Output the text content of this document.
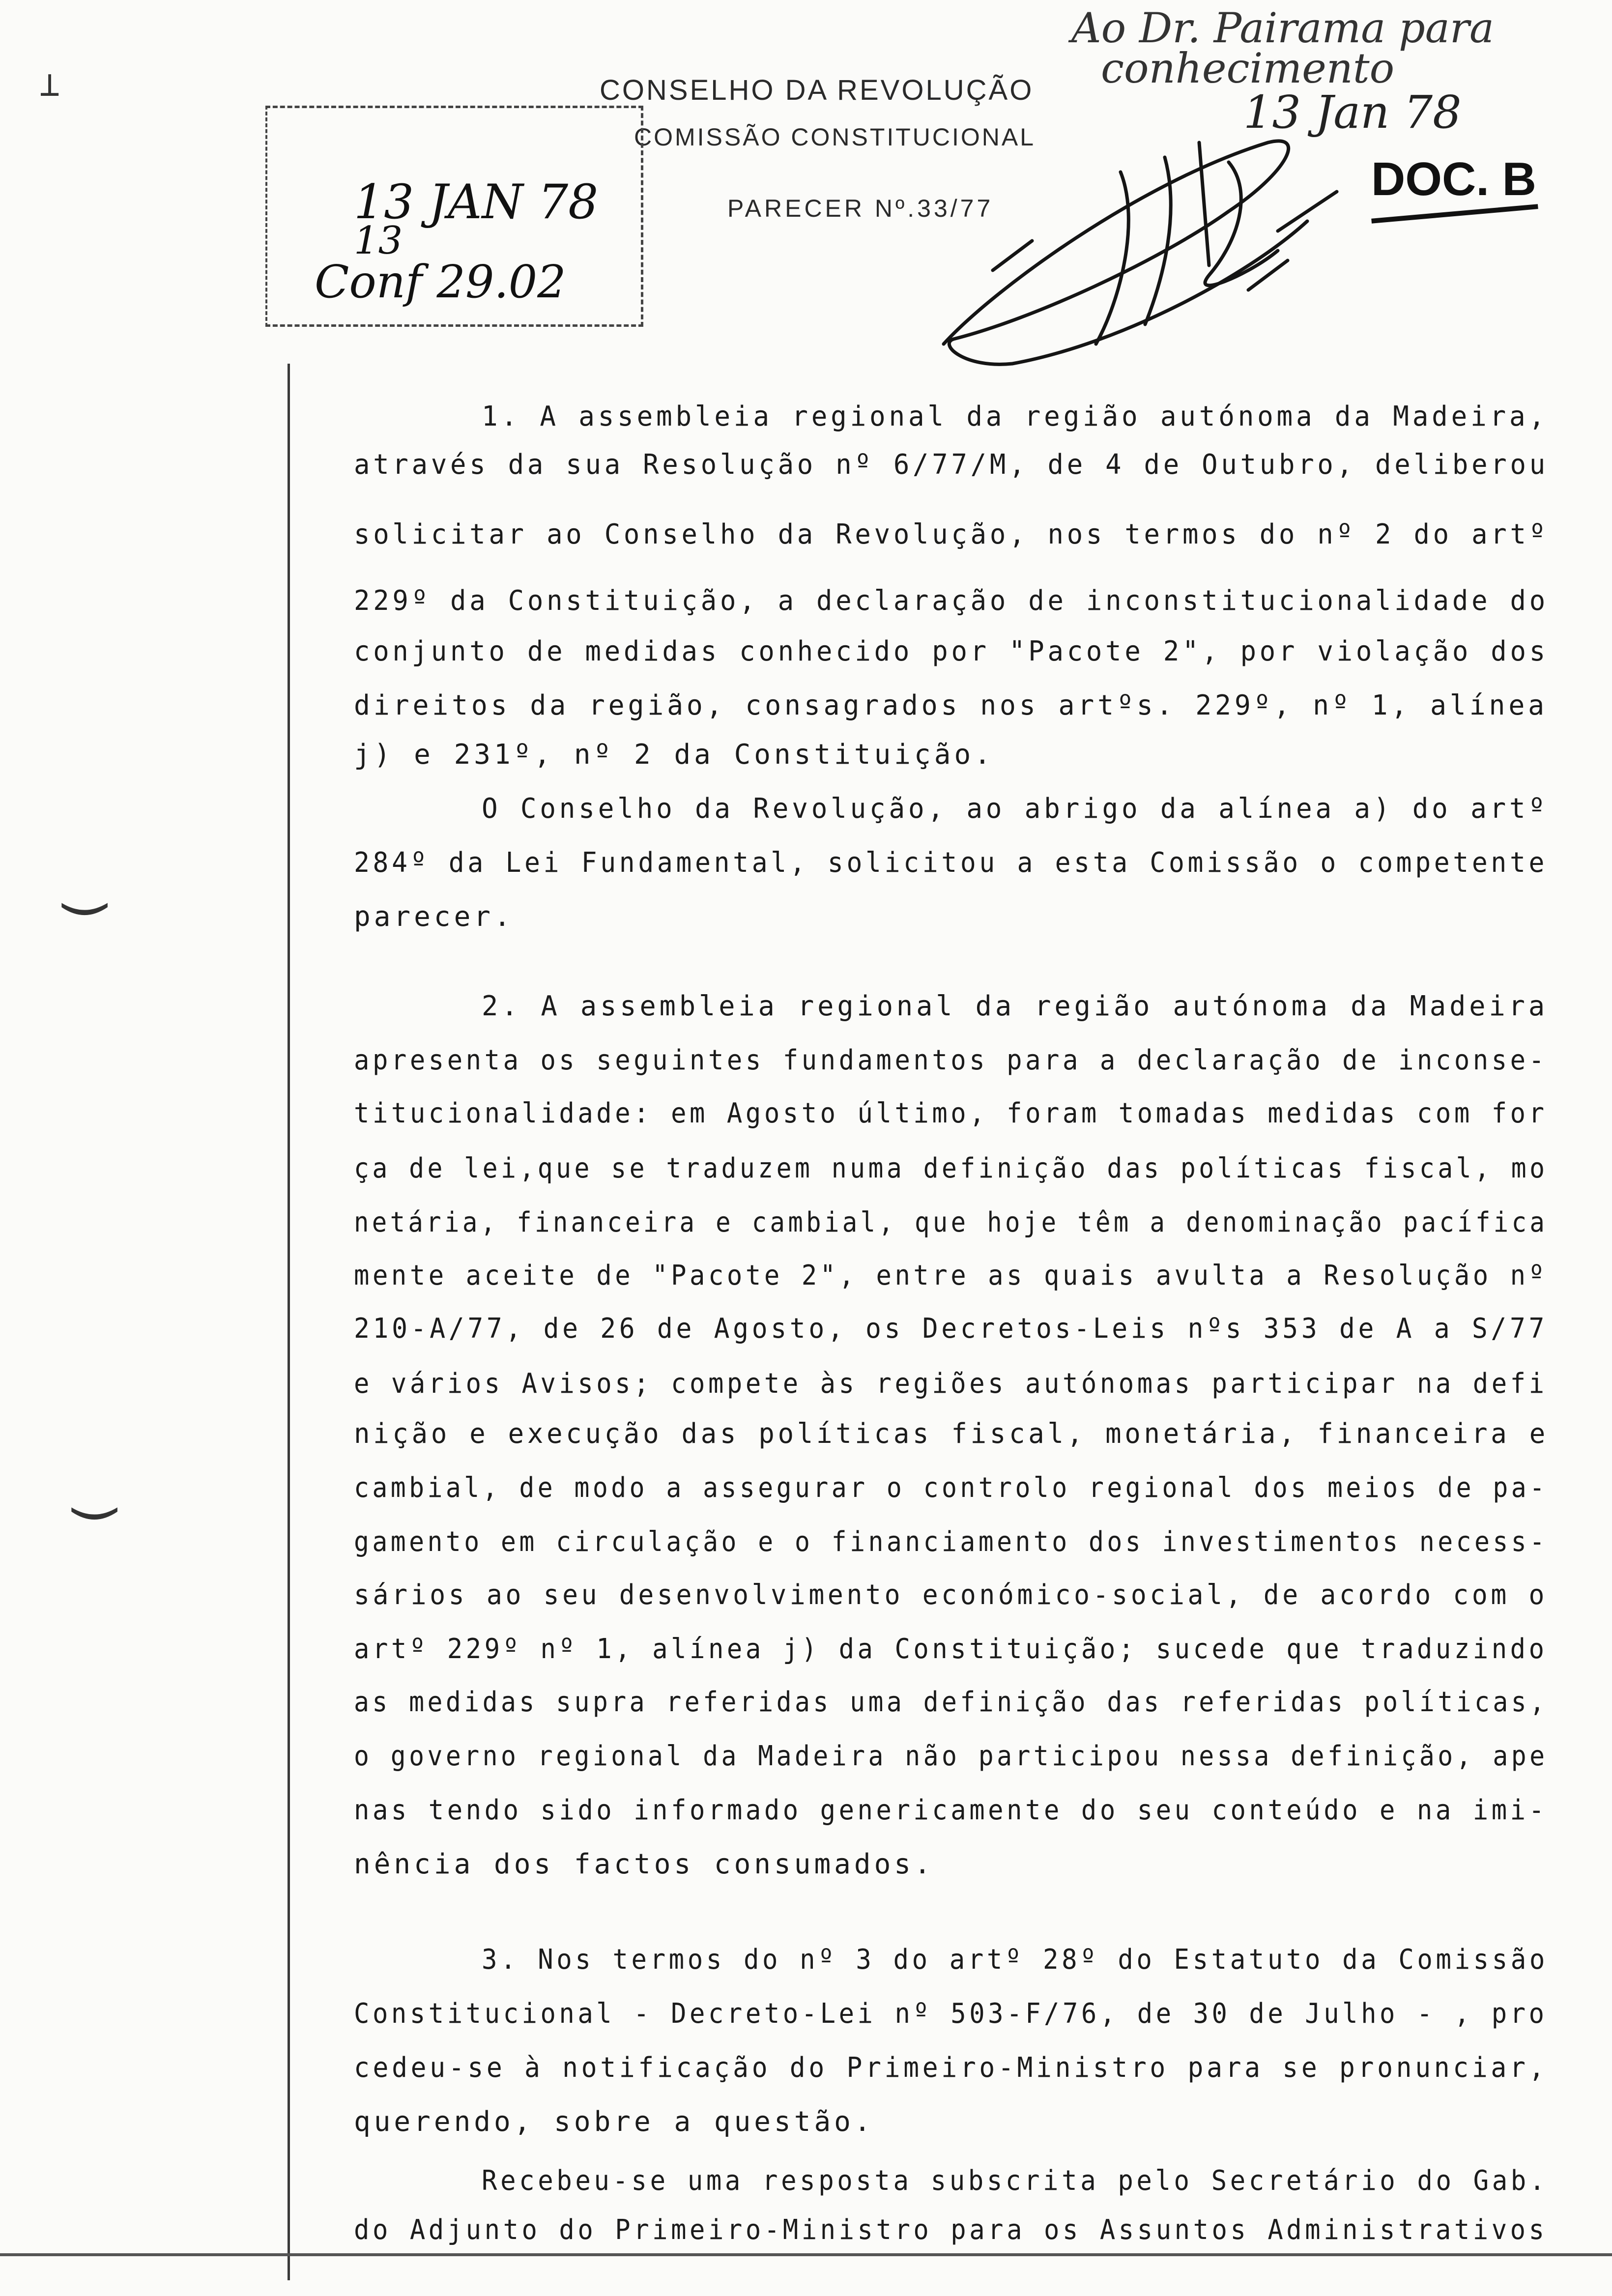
CONSELHO DA REVOLUÇÃO
COMISSÃO CONSTITUCIONAL
PARECER Nº.33/77
13 JAN 78
13
Conf 29.02
Ao Dr. Pairama para
conhecimento
13 Jan 78
DOC. B
⊥
‿
‿
1. A assembleia regional da região autónoma da Madeira,
através da sua Resolução nº 6/77/M, de 4 de Outubro, deliberou
solicitar ao Conselho da Revolução, nos termos do nº 2 do artº
229º da Constituição, a declaração de inconstitucionalidade do
conjunto de medidas conhecido por "Pacote 2", por violação dos
direitos da região, consagrados nos artºs. 229º, nº 1, alínea
j) e 231º, nº 2 da Constituição.
O Conselho da Revolução, ao abrigo da alínea a) do artº
284º da Lei Fundamental, solicitou a esta Comissão o competente
parecer.
2. A assembleia regional da região autónoma da Madeira
apresenta os seguintes fundamentos para a declaração de inconse-
titucionalidade: em Agosto último, foram tomadas medidas com for
ça de lei,que se traduzem numa definição das políticas fiscal, mo
netária, financeira e cambial, que hoje têm a denominação pacífica
mente aceite de "Pacote 2", entre as quais avulta a Resolução nº
210-A/77, de 26 de Agosto, os Decretos-Leis nºs 353 de A a S/77
e vários Avisos; compete às regiões autónomas participar na defi
nição e execução das políticas fiscal, monetária, financeira e
cambial, de modo a assegurar o controlo regional dos meios de pa-
gamento em circulação e o financiamento dos investimentos necess-
sários ao seu desenvolvimento económico-social, de acordo com o
artº 229º nº 1, alínea j) da Constituição; sucede que traduzindo
as medidas supra referidas uma definição das referidas políticas,
o governo regional da Madeira não participou nessa definição, ape
nas tendo sido informado genericamente do seu conteúdo e na imi-
nência dos factos consumados.
3. Nos termos do nº 3 do artº 28º do Estatuto da Comissão
Constitucional - Decreto-Lei nº 503-F/76, de 30 de Julho - , pro
cedeu-se à notificação do Primeiro-Ministro para se pronunciar,
querendo, sobre a questão.
Recebeu-se uma resposta subscrita pelo Secretário do Gab.
do Adjunto do Primeiro-Ministro para os Assuntos Administrativos
